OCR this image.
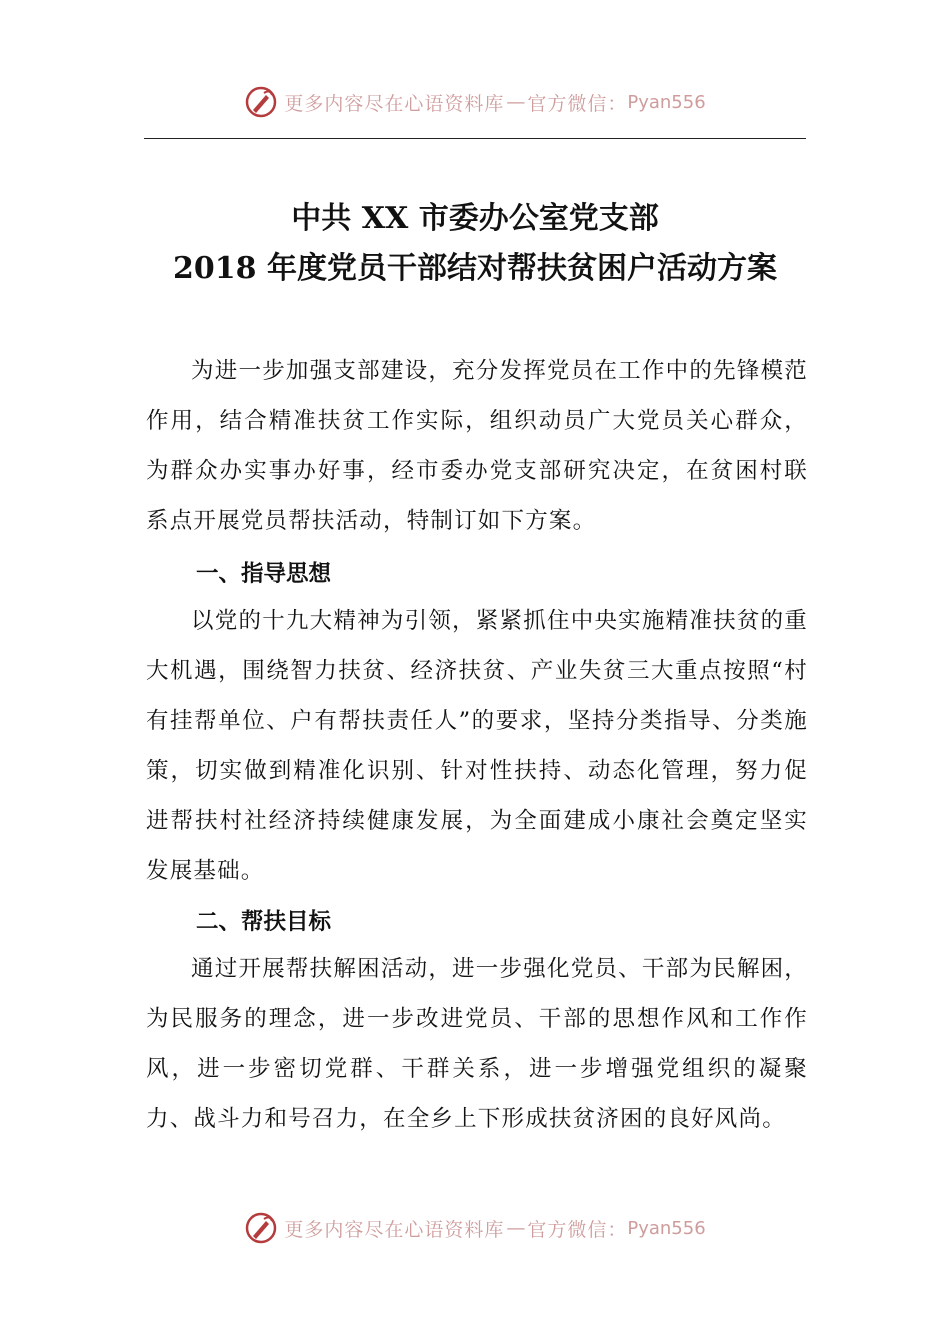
更多内容尽在心语资料库 — 官方微信： Pyan556
中共 XX 市委办公室党支部
2018 年度党员干部结对帮扶贫困户活动方案

为进一步加强支部建设，充分发挥党员在工作中的先锋模范作用，结合精准扶贫工作实际，组织动员广大党员关心群众，为群众办实事办好事，经市委办党支部研究决定，在贫困村联系点开展党员帮扶活动，特制订如下方案。

一、指导思想

以党的十九大精神为引领，紧紧抓住中央实施精准扶贫的重大机遇，围绕智力扶贫、经济扶贫、产业失贫三大重点按照“村有挂帮单位、户有帮扶责任人”的要求，坚持分类指导、分类施策，切实做到精准化识别、针对性扶持、动态化管理，努力促进帮扶村社经济持续健康发展，为全面建成小康社会奠定坚实发展基础。

二、帮扶目标

通过开展帮扶解困活动，进一步强化党员、干部为民解困，为民服务的理念，进一步改进党员、干部的思想作风和工作作风，进一步密切党群、干群关系，进一步增强党组织的凝聚力、战斗力和号召力，在全乡上下形成扶贫济困的良好风尚。

更多内容尽在心语资料库 — 官方微信： Pyan556
